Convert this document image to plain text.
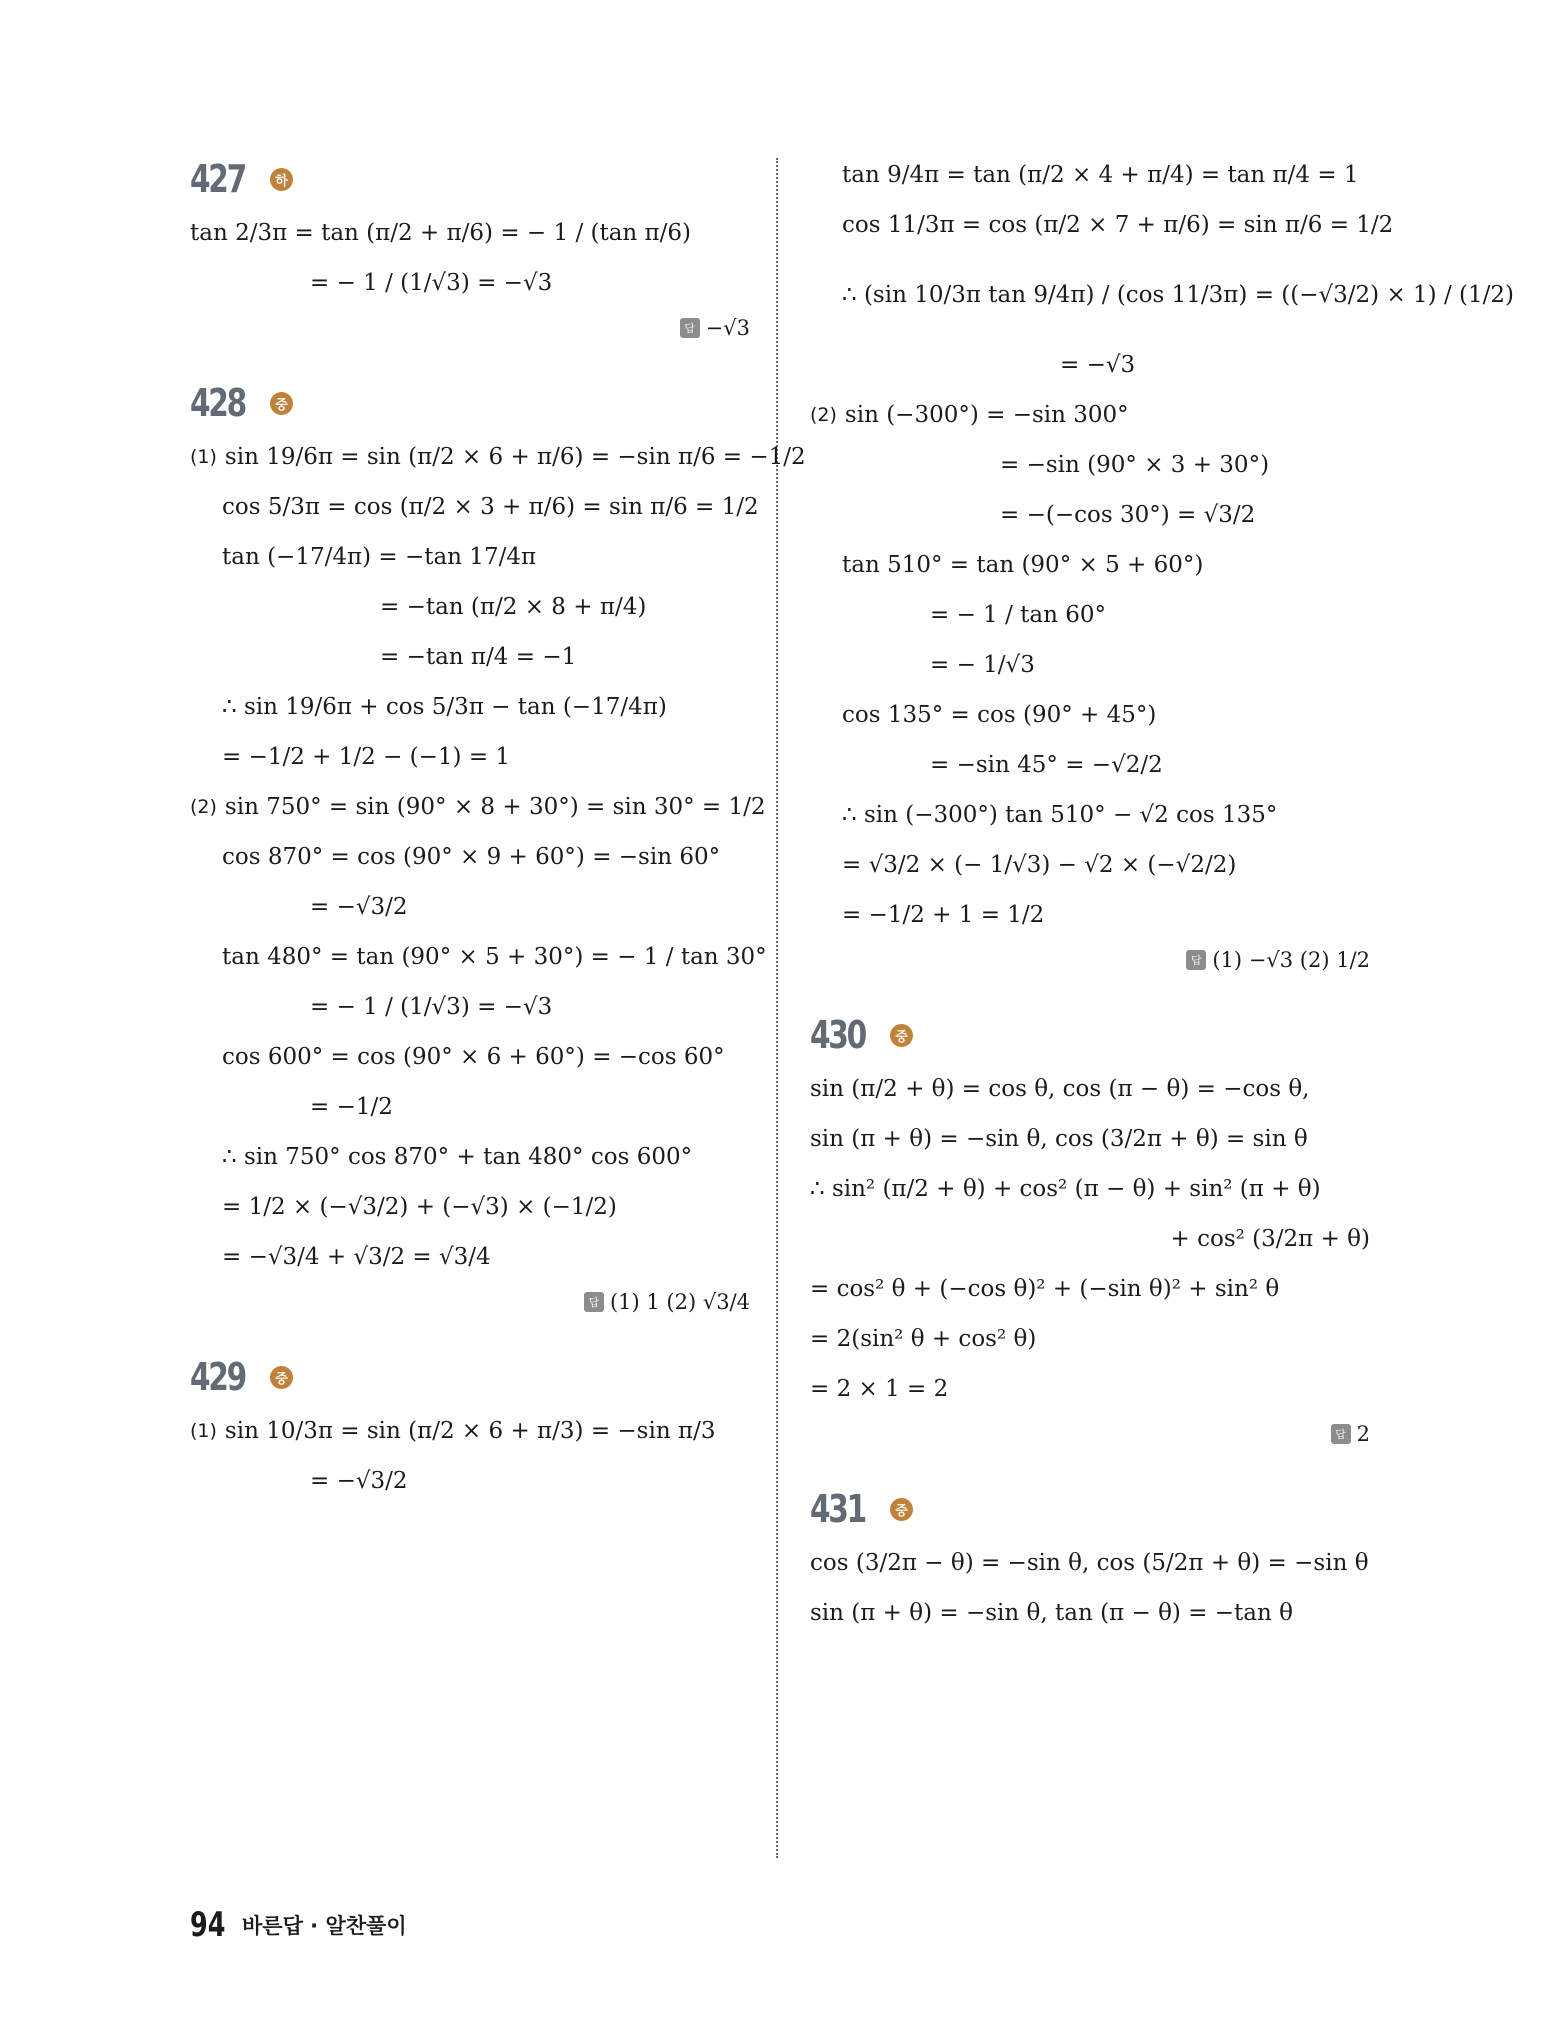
427	하
tan 2/3π = tan (π/2 + π/6) = − 1 / (tan π/6)
= − 1 / (1/√3) = −√3
답 −√3
428	중
(1) sin 19/6π = sin (π/2 × 6 + π/6) = −sin π/6 = −1/2
cos 5/3π = cos (π/2 × 3 + π/6) = sin π/6 = 1/2
tan (−17/4π) = −tan 17/4π
= −tan (π/2 × 8 + π/4)
= −tan π/4 = −1
∴ sin 19/6π + cos 5/3π − tan (−17/4π)
= −1/2 + 1/2 − (−1) = 1
(2) sin 750° = sin (90° × 8 + 30°) = sin 30° = 1/2
cos 870° = cos (90° × 9 + 60°) = −sin 60°
= −√3/2
tan 480° = tan (90° × 5 + 30°) = − 1 / tan 30°
= − 1 / (1/√3) = −√3
cos 600° = cos (90° × 6 + 60°) = −cos 60°
= −1/2
∴ sin 750° cos 870° + tan 480° cos 600°
= 1/2 × (−√3/2) + (−√3) × (−1/2)
= −√3/4 + √3/2 = √3/4
답 (1) 1 (2) √3/4
429	중
(1) sin 10/3π = sin (π/2 × 6 + π/3) = −sin π/3
= −√3/2
tan 9/4π = tan (π/2 × 4 + π/4) = tan π/4 = 1
cos 11/3π = cos (π/2 × 7 + π/6) = sin π/6 = 1/2
∴ (sin 10/3π tan 9/4π) / (cos 11/3π) = ((−√3/2) × 1) / (1/2)
= −√3
(2) sin (−300°) = −sin 300°
= −sin (90° × 3 + 30°)
= −(−cos 30°) = √3/2
tan 510° = tan (90° × 5 + 60°)
= − 1 / tan 60°
= − 1/√3
cos 135° = cos (90° + 45°)
= −sin 45° = −√2/2
∴ sin (−300°) tan 510° − √2 cos 135°
= √3/2 × (− 1/√3) − √2 × (−√2/2)
= −1/2 + 1 = 1/2
답 (1) −√3 (2) 1/2
430	중
sin (π/2 + θ) = cos θ, cos (π − θ) = −cos θ,
sin (π + θ) = −sin θ, cos (3/2π + θ) = sin θ
∴ sin² (π/2 + θ) + cos² (π − θ) + sin² (π + θ)
+ cos² (3/2π + θ)
= cos² θ + (−cos θ)² + (−sin θ)² + sin² θ
= 2(sin² θ + cos² θ)
= 2 × 1 = 2
답 2
431	중
cos (3/2π − θ) = −sin θ, cos (5/2π + θ) = −sin θ
sin (π + θ) = −sin θ, tan (π − θ) = −tan θ
94 바른답 · 알찬풀이
